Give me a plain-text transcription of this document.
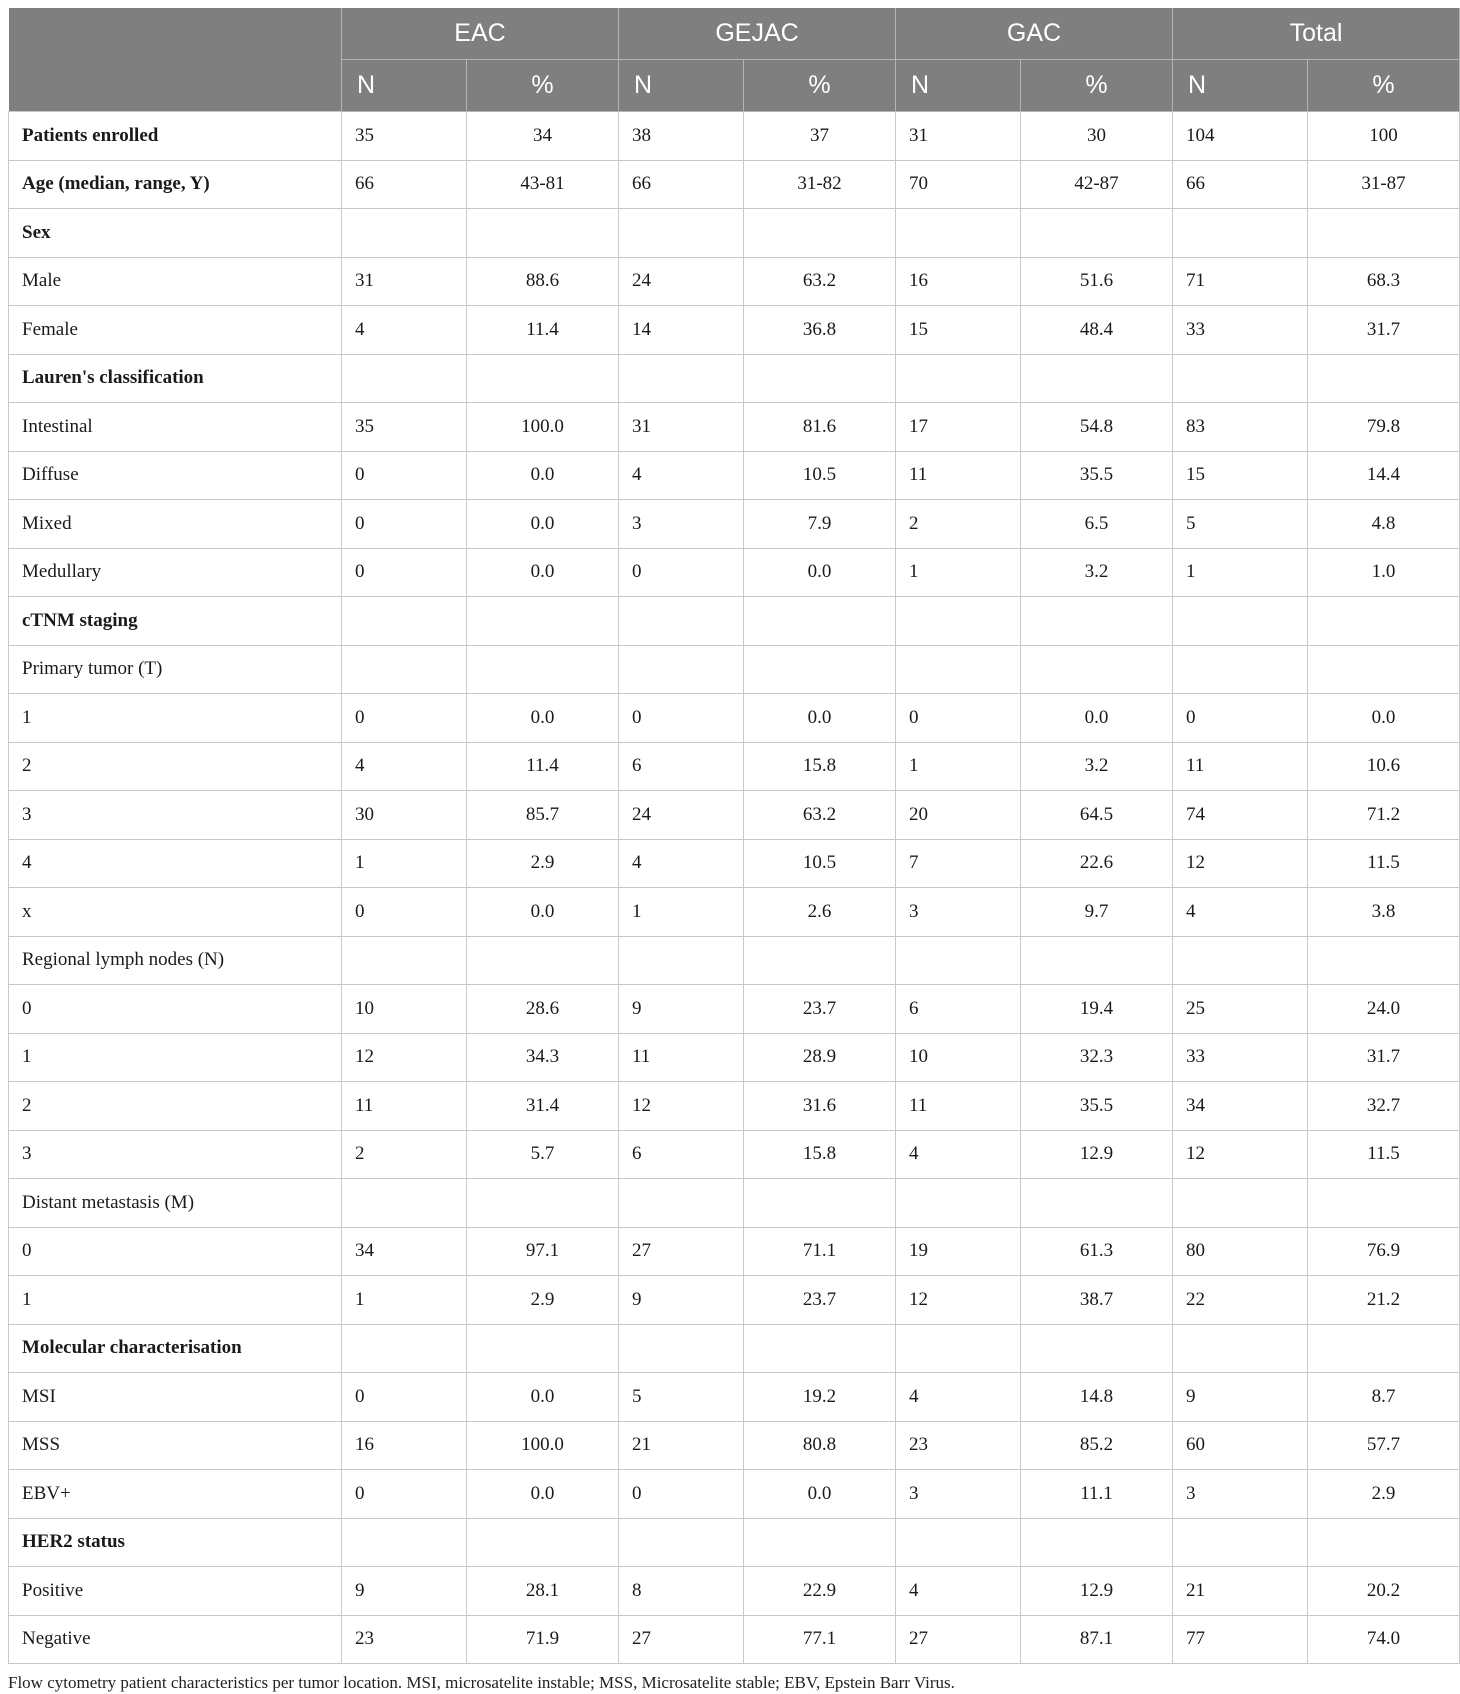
	EAC		GEJAC		GAC		Total	
	N	%	N	%	N	%	N	%
Patients enrolled	35	34	38	37	31	30	104	100
Age (median, range, Y)	66	43-81	66	31-82	70	42-87	66	31-87
Sex								
Male	31	88.6	24	63.2	16	51.6	71	68.3
Female	4	11.4	14	36.8	15	48.4	33	31.7
Lauren's classification								
Intestinal	35	100.0	31	81.6	17	54.8	83	79.8
Diffuse	0	0.0	4	10.5	11	35.5	15	14.4
Mixed	0	0.0	3	7.9	2	6.5	5	4.8
Medullary	0	0.0	0	0.0	1	3.2	1	1.0
cTNM staging								
Primary tumor (T)								
1	0	0.0	0	0.0	0	0.0	0	0.0
2	4	11.4	6	15.8	1	3.2	11	10.6
3	30	85.7	24	63.2	20	64.5	74	71.2
4	1	2.9	4	10.5	7	22.6	12	11.5
x	0	0.0	1	2.6	3	9.7	4	3.8
Regional lymph nodes (N)								
0	10	28.6	9	23.7	6	19.4	25	24.0
1	12	34.3	11	28.9	10	32.3	33	31.7
2	11	31.4	12	31.6	11	35.5	34	32.7
3	2	5.7	6	15.8	4	12.9	12	11.5
Distant metastasis (M)								
0	34	97.1	27	71.1	19	61.3	80	76.9
1	1	2.9	9	23.7	12	38.7	22	21.2
Molecular characterisation								
MSI	0	0.0	5	19.2	4	14.8	9	8.7
MSS	16	100.0	21	80.8	23	85.2	60	57.7
EBV+	0	0.0	0	0.0	3	11.1	3	2.9
HER2 status								
Positive	9	28.1	8	22.9	4	12.9	21	20.2
Negative	23	71.9	27	77.1	27	87.1	77	74.0
Flow cytometry patient characteristics per tumor location. MSI, microsatelite instable; MSS, Microsatelite stable; EBV, Epstein Barr Virus.
